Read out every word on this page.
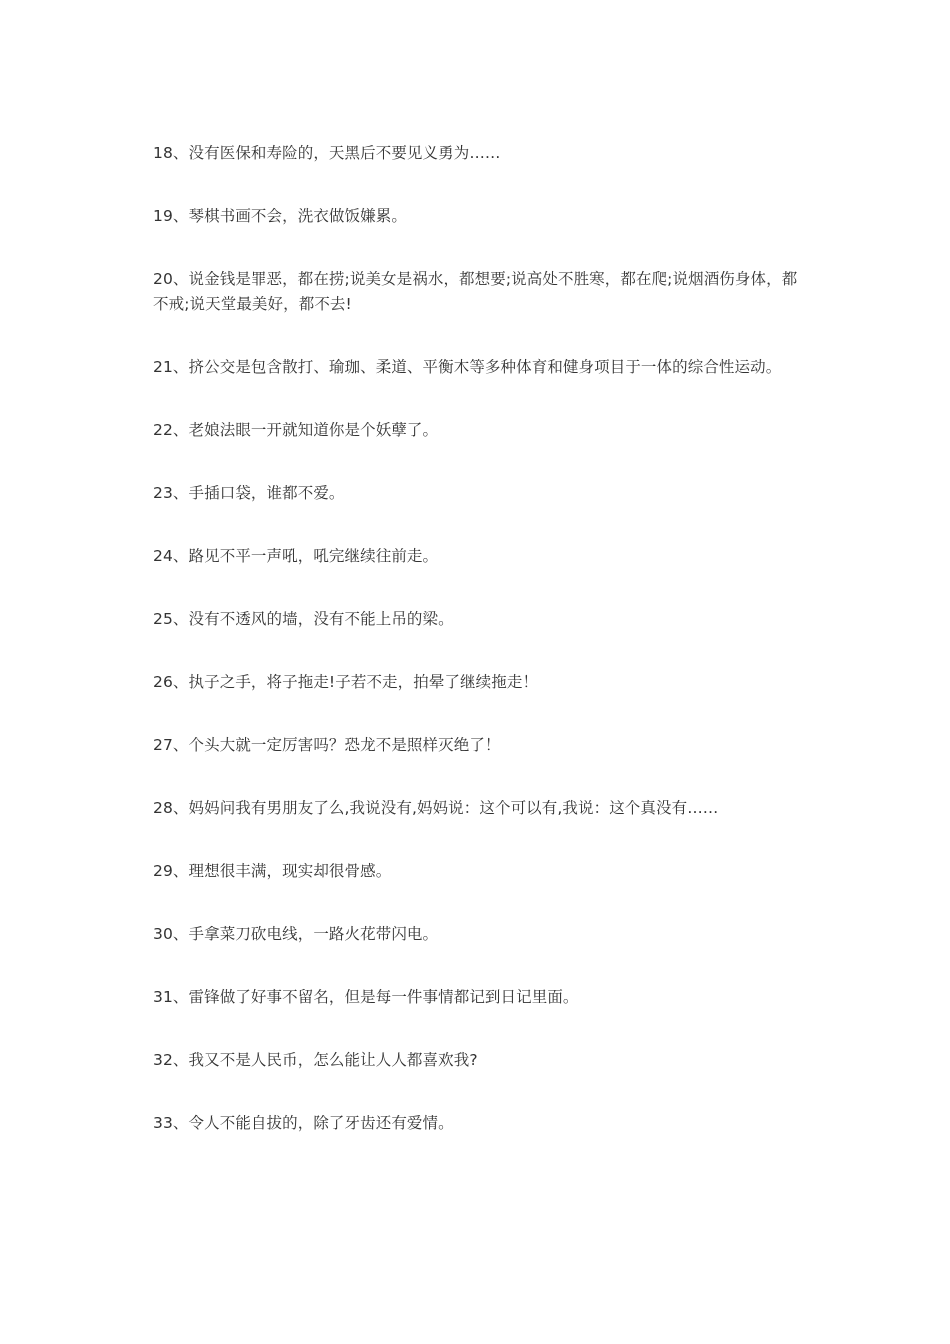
18、没有医保和寿险的，天黑后不要见义勇为……

19、琴棋书画不会，洗衣做饭嫌累。

20、说金钱是罪恶，都在捞;说美女是祸水，都想要;说高处不胜寒，都在爬;说烟酒伤身体，都不戒;说天堂最美好，都不去!

21、挤公交是包含散打、瑜珈、柔道、平衡木等多种体育和健身项目于一体的综合性运动。

22、老娘法眼一开就知道你是个妖孽了。

23、手插口袋，谁都不爱。

24、路见不平一声吼，吼完继续往前走。

25、没有不透风的墙，没有不能上吊的梁。

26、执子之手，将子拖走!子若不走，拍晕了继续拖走！

27、个头大就一定厉害吗？恐龙不是照样灭绝了！

28、妈妈问我有男朋友了么,我说没有,妈妈说：这个可以有,我说：这个真没有……

29、理想很丰满，现实却很骨感。

30、手拿菜刀砍电线，一路火花带闪电。

31、雷锋做了好事不留名，但是每一件事情都记到日记里面。

32、我又不是人民币，怎么能让人人都喜欢我?

33、令人不能自拔的，除了牙齿还有爱情。
